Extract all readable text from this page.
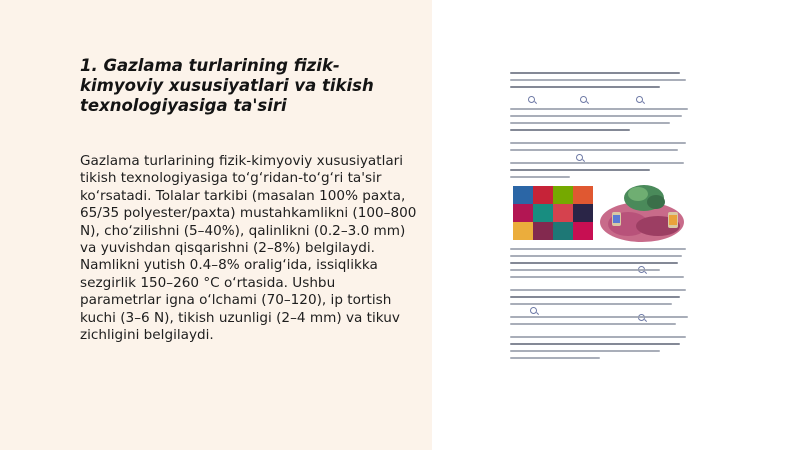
1. Gazlama turlarining fizik-kimyoviy xususiyatlari va tikish texnologiyasiga ta'siri

Gazlama turlarining fizik-kimyoviy xususiyatlari tikish texnologiyasiga to‘g‘ridan-to‘g‘ri ta'sir ko‘rsatadi. Tolalar tarkibi (masalan 100% paxta, 65/35 polyester/paxta) mustahkamlikni (100–800 N), cho‘zilishni (5–40%), qalinlikni (0.2–3.0 mm) va yuvishdan qisqarishni (2–8%) belgilaydi. Namlikni yutish 0.4–8% oralig‘ida, issiqlikka sezgirlik 150–260 °C o‘rtasida. Ushbu parametrlar igna o‘lchami (70–120), ip tortish kuchi (3–6 N), tikish uzunligi (2–4 mm) va tikuv zichligini belgilaydi.
